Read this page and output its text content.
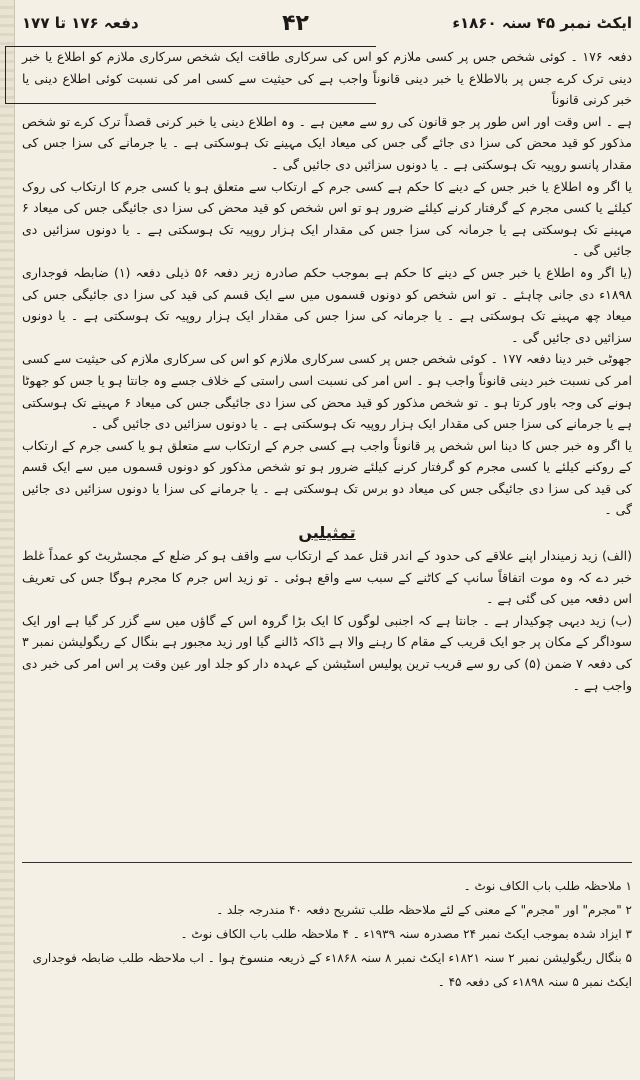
ایکٹ نمبر ۴۵ سنہ ۱۸۶۰ء
۴۲
دفعہ ۱۷۶ تا ۱۷۷

دفعہ ۱۷۶ ۔ کوئی شخص جس پر کسی ملازم کو اس کی سرکاری طاقت ایک شخص سرکاری ملازم کو اطلاع یا خبر دینی ترک کرے جس پر بالاطلاع یا خبر دینی قانوناً واجب ہے کی حیثیت سے کسی امر کی نسبت کوئی اطلاع دینی یا خبر کرنی قانوناً

ہے ۔ اس وقت اور اس طور پر جو قانون کی رو سے معین ہے ۔ وہ اطلاع دینی یا خبر کرنی قصداً ترک کرے تو شخص مذکور کو قید محض کی سزا دی جائے گی جس کی میعاد ایک مہینے تک ہوسکتی ہے ۔ یا جرمانے کی سزا جس کی مقدار پانسو روپیہ تک ہوسکتی ہے ۔ یا دونوں سزائیں دی جائیں گی ۔

یا اگر وہ اطلاع یا خبر جس کے دینے کا حکم ہے کسی جرم کے ارتکاب سے متعلق ہو یا کسی جرم کا ارتکاب کی روک کیلئے یا کسی مجرم کے گرفتار کرنے کیلئے ضرور ہو تو اس شخص کو قید محض کی سزا دی جائیگی جس کی میعاد ۶ مہینے تک ہوسکتی ہے یا جرمانہ کی سزا جس کی مقدار ایک ہزار روپیہ تک ہوسکتی ہے ۔ یا دونوں سزائیں دی جائیں گی ۔

(یا اگر وہ اطلاع یا خبر جس کے دینے کا حکم ہے بموجب حکم صادرہ زیر دفعہ ۵۶ ذیلی دفعہ (۱) ضابطہ فوجداری ۱۸۹۸ء دی جانی چاہئے ۔ تو اس شخص کو دونوں قسموں میں سے ایک قسم کی قید کی سزا دی جائیگی جس کی میعاد چھ مہینے تک ہوسکتی ہے ۔ یا جرمانہ کی سزا جس کی مقدار ایک ہزار روپیہ تک ہوسکتی ہے ۔ یا دونوں سزائیں دی جائیں گی ۔

جھوٹی خبر دینا دفعہ ۱۷۷ ۔ کوئی شخص جس پر کسی سرکاری ملازم کو اس کی سرکاری ملازم کی حیثیت سے کسی امر کی نسبت خبر دینی قانوناً واجب ہو ۔ اس امر کی نسبت اسی راستی کے خلاف جسے وہ جانتا ہو یا جس کو جھوٹا ہونے کی وجہ باور کرتا ہو ۔ تو شخص مذکور کو قید محض کی سزا دی جائیگی جس کی میعاد ۶ مہینے تک ہوسکتی ہے یا جرمانے کی سزا جس کی مقدار ایک ہزار روپیہ تک ہوسکتی ہے ۔ یا دونوں سزائیں دی جائیں گی ۔

یا اگر وہ خبر جس کا دینا اس شخص پر قانوناً واجب ہے کسی جرم کے ارتکاب سے متعلق ہو یا کسی جرم کے ارتکاب کے روکنے کیلئے یا کسی مجرم کو گرفتار کرنے کیلئے ضرور ہو تو شخص مذکور کو دونوں قسموں میں سے ایک قسم کی قید کی سزا دی جائیگی جس کی میعاد دو برس تک ہوسکتی ہے ۔ یا جرمانے کی سزا یا دونوں سزائیں دی جائیں گی ۔

تمثیلیں

(الف) زید زمیندار اپنے علاقے کی حدود کے اندر قتل عمد کے ارتکاب سے واقف ہو کر ضلع کے مجسٹریٹ کو عمداً غلط خبر دے کہ وہ موت اتفاقاً سانپ کے کاٹنے کے سبب سے واقع ہوئی ۔ تو زید اس جرم کا مجرم ہوگا جس کی تعریف اس دفعہ میں کی گئی ہے ۔

(ب) زید دیہی چوکیدار ہے ۔ جانتا ہے کہ اجنبی لوگوں کا ایک بڑا گروہ اس کے گاؤں میں سے گزر کر گیا ہے اور ایک سوداگر کے مکان پر جو ایک قریب کے مقام کا رہنے والا ہے ڈاکہ ڈالنے گیا اور زید مجبور ہے بنگال کے ریگولیشن نمبر ۳ کی دفعہ ۷ ضمن (۵) کی رو سے قریب ترین پولیس اسٹیشن کے عہدہ دار کو جلد اور عین وقت پر اس امر کی خبر دی واجب ہے ۔

۱ ملاحظہ طلب باب الکاف نوٹ ۔

۲ "مجرم" اور "مجرم" کے معنی کے لئے ملاحظہ طلب تشریح دفعہ ۴۰ مندرجہ جلد ۔

۳ ایزاد شدہ بموجب ایکٹ نمبر ۲۴ مصدرہ سنہ ۱۹۳۹ء ۔ ۴ ملاحظہ طلب باب الکاف نوٹ ۔

۵ بنگال ریگولیشن نمبر ۲ سنہ ۱۸۲۱ء ایکٹ نمبر ۸ سنہ ۱۸۶۸ء کے ذریعہ منسوخ ہوا ۔ اب ملاحظہ طلب ضابطہ فوجداری ایکٹ نمبر ۵ سنہ ۱۸۹۸ء کی دفعہ ۴۵ ۔
